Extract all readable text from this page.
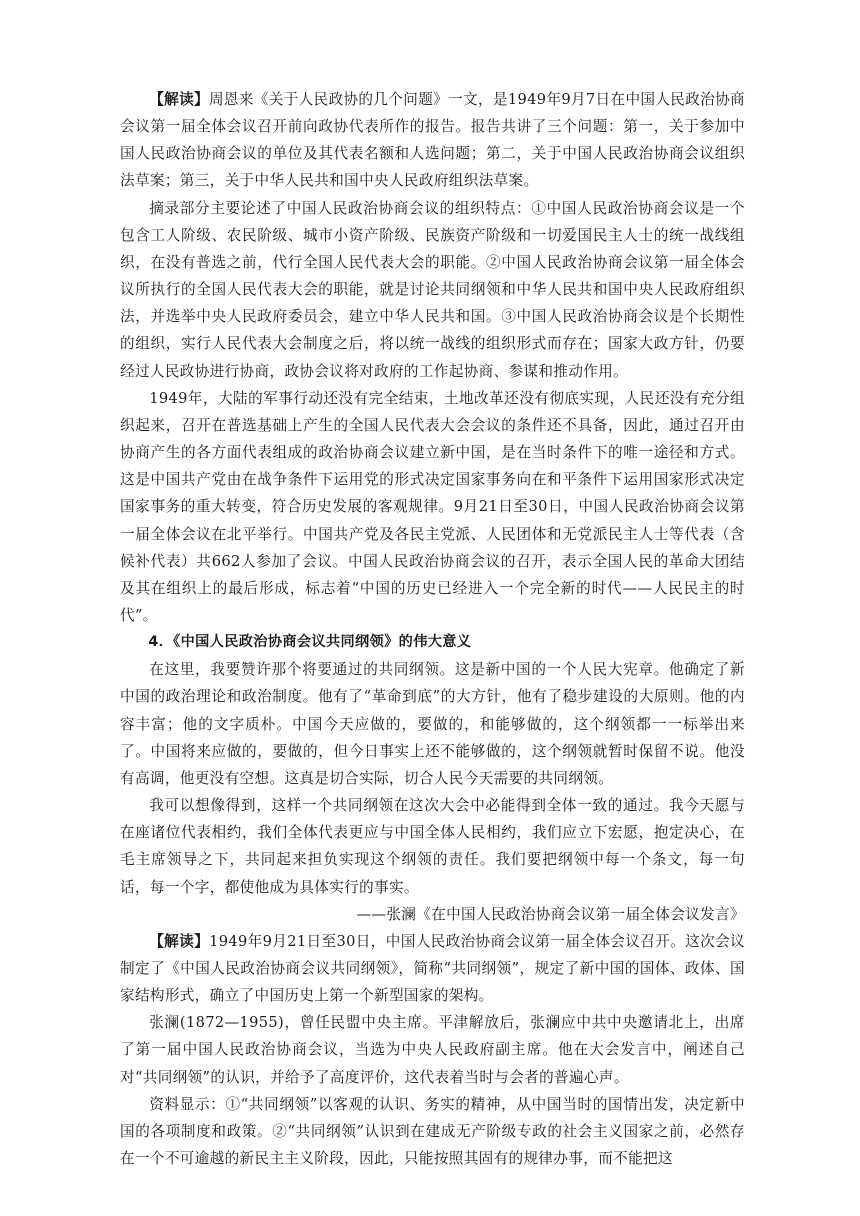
【解读】周恩来《关于人民政协的几个问题》一文，是1949年9月7日在中国人民政治协商会议第一届全体会议召开前向政协代表所作的报告。报告共讲了三个问题：第一，关于参加中国人民政治协商会议的单位及其代表名额和人选问题；第二，关于中国人民政治协商会议组织法草案；第三，关于中华人民共和国中央人民政府组织法草案。

摘录部分主要论述了中国人民政治协商会议的组织特点：①中国人民政治协商会议是一个包含工人阶级、农民阶级、城市小资产阶级、民族资产阶级和一切爱国民主人士的统一战线组织，在没有普选之前，代行全国人民代表大会的职能。②中国人民政治协商会议第一届全体会议所执行的全国人民代表大会的职能，就是讨论共同纲领和中华人民共和国中央人民政府组织法，并选举中央人民政府委员会，建立中华人民共和国。③中国人民政治协商会议是个长期性的组织，实行人民代表大会制度之后，将以统一战线的组织形式而存在；国家大政方针，仍要经过人民政协进行协商，政协会议将对政府的工作起协商、参谋和推动作用。

1949年，大陆的军事行动还没有完全结束，土地改革还没有彻底实现，人民还没有充分组织起来，召开在普选基础上产生的全国人民代表大会会议的条件还不具备，因此，通过召开由协商产生的各方面代表组成的政治协商会议建立新中国，是在当时条件下的唯一途径和方式。这是中国共产党由在战争条件下运用党的形式决定国家事务向在和平条件下运用国家形式决定国家事务的重大转变，符合历史发展的客观规律。9月21日至30日，中国人民政治协商会议第一届全体会议在北平举行。中国共产党及各民主党派、人民团体和无党派民主人士等代表（含候补代表）共662人参加了会议。中国人民政治协商会议的召开，表示全国人民的革命大团结及其在组织上的最后形成，标志着“中国的历史已经进入一个完全新的时代——人民民主的时代”。

4．《中国人民政治协商会议共同纲领》的伟大意义

在这里，我要赞许那个将要通过的共同纲领。这是新中国的一个人民大宪章。他确定了新中国的政治理论和政治制度。他有了“革命到底”的大方针，他有了稳步建设的大原则。他的内容丰富；他的文字质朴。中国今天应做的，要做的，和能够做的，这个纲领都一一标举出来了。中国将来应做的，要做的，但今日事实上还不能够做的，这个纲领就暂时保留不说。他没有高调，他更没有空想。这真是切合实际，切合人民今天需要的共同纲领。

我可以想像得到，这样一个共同纲领在这次大会中必能得到全体一致的通过。我今天愿与在座诸位代表相约，我们全体代表更应与中国全体人民相约，我们应立下宏愿，抱定决心，在毛主席领导之下，共同起来担负实现这个纲领的责任。我们要把纲领中每一个条文，每一句话，每一个字，都使他成为具体实行的事实。

——张澜《在中国人民政治协商会议第一届全体会议发言》

【解读】1949年9月21日至30日，中国人民政治协商会议第一届全体会议召开。这次会议制定了《中国人民政治协商会议共同纲领》，简称“共同纲领”，规定了新中国的国体、政体、国家结构形式，确立了中国历史上第一个新型国家的架构。

张澜(1872—1955)，曾任民盟中央主席。平津解放后，张澜应中共中央邀请北上，出席了第一届中国人民政治协商会议，当选为中央人民政府副主席。他在大会发言中，阐述自己对“共同纲领”的认识，并给予了高度评价，这代表着当时与会者的普遍心声。

资料显示：①“共同纲领”以客观的认识、务实的精神，从中国当时的国情出发，决定新中国的各项制度和政策。②“共同纲领”认识到在建成无产阶级专政的社会主义国家之前，必然存在一个不可逾越的新民主主义阶段，因此，只能按照其固有的规律办事，而不能把这
